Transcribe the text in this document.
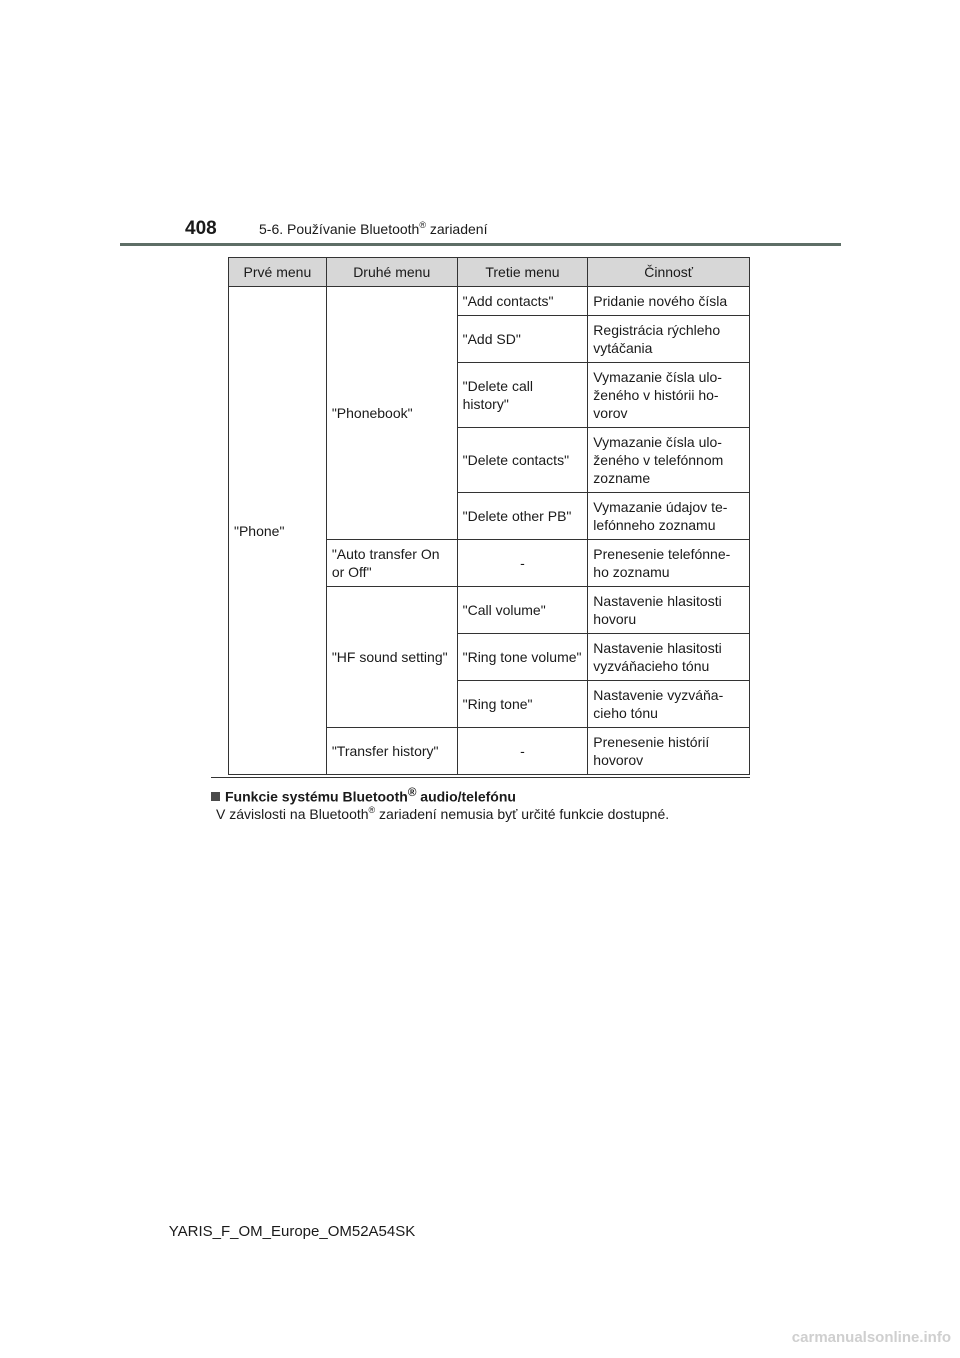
408	5-6. Používanie Bluetooth® zariadení
Prvé menu	Druhé menu	Tretie menu	Činnosť
"Phone"	"Phonebook"	"Add contacts"	Pridanie nového čísla
		"Add SD"	Registrácia rýchleho vytáčania
		"Delete call history"	Vymazanie čísla ulo-ženého v histórii ho-vorov
		"Delete contacts"	Vymazanie čísla ulo-ženého v telefónnom zozname
		"Delete other PB"	Vymazanie údajov te-lefónneho zoznamu
	"Auto transfer On or Off"	-	Prenesenie telefónne-ho zoznamu
	"HF sound setting"	"Call volume"	Nastavenie hlasitosti hovoru
		"Ring tone volume"	Nastavenie hlasitosti vyzváňacieho tónu
		"Ring tone"	Nastavenie vyzváňa-cieho tónu
	"Transfer history"	-	Prenesenie histórií hovorov
Funkcie systému Bluetooth® audio/telefónu
V závislosti na Bluetooth® zariadení nemusia byť určité funkcie dostupné.
YARIS_F_OM_Europe_OM52A54SK
carmanualsonline.info
